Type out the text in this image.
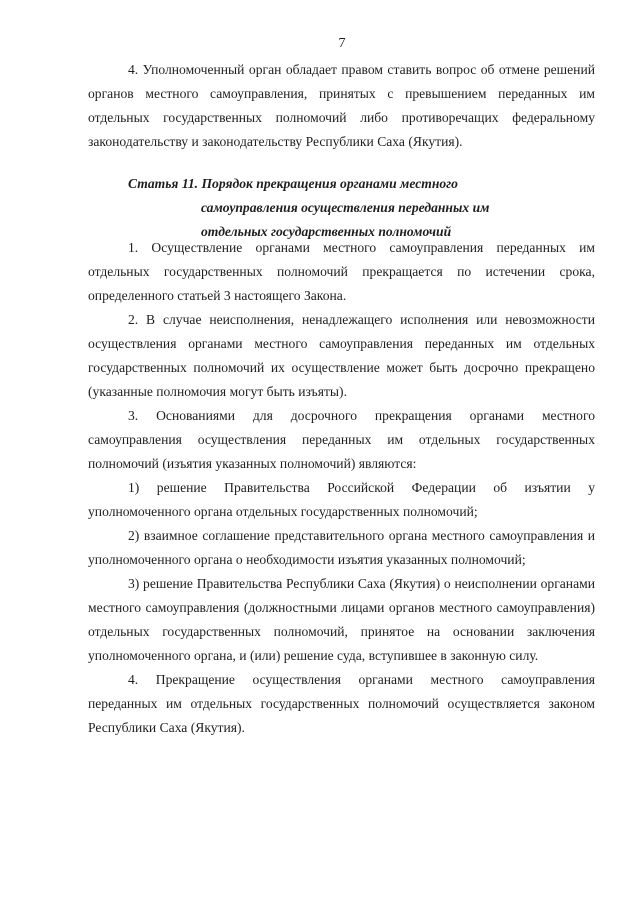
7

4. Уполномоченный орган обладает правом ставить вопрос об отмене решений органов местного самоуправления, принятых с превышением переданных им отдельных государственных полномочий либо противоречащих федеральному законодательству и законодательству Республики Саха (Якутия).

Статья 11. Порядок прекращения органами местного
самоуправления осуществления переданных им
отдельных государственных полномочий

1. Осуществление органами местного самоуправления переданных им отдельных государственных полномочий прекращается по истечении срока, определенного статьей 3 настоящего Закона.

2. В случае неисполнения, ненадлежащего исполнения или невозможности осуществления органами местного самоуправления переданных им отдельных государственных полномочий их осуществление может быть досрочно прекращено (указанные полномочия могут быть изъяты).

3. Основаниями для досрочного прекращения органами местного самоуправления осуществления переданных им отдельных государственных полномочий (изъятия указанных полномочий) являются:

1) решение Правительства Российской Федерации об изъятии у уполномоченного органа отдельных государственных полномочий;

2) взаимное соглашение представительного органа местного самоуправления и уполномоченного органа о необходимости изъятия указанных полномочий;

3) решение Правительства Республики Саха (Якутия) о неисполнении органами местного самоуправления (должностными лицами органов местного самоуправления) отдельных государственных полномочий, принятое на основании заключения уполномоченного органа, и (или) решение суда, вступившее в законную силу.

4. Прекращение осуществления органами местного самоуправления переданных им отдельных государственных полномочий осуществляется законом Республики Саха (Якутия).
